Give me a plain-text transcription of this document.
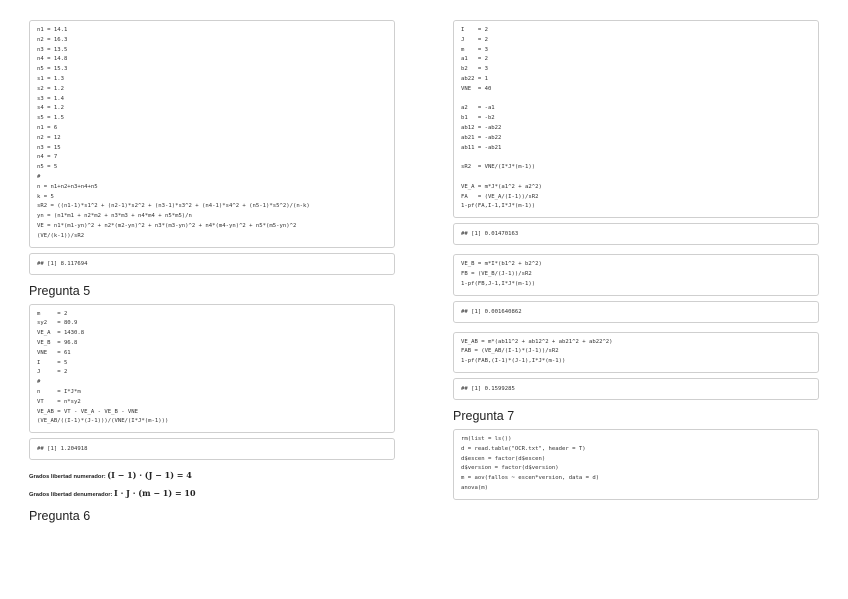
n1 = 14.1
n2 = 16.3
n3 = 13.5
n4 = 14.8
n5 = 15.3
s1 = 1.3
s2 = 1.2
s3 = 1.4
s4 = 1.2
s5 = 1.5
n1 = 6
n2 = 12
n3 = 15
n4 = 7
n5 = 5
#
n = n1+n2+n3+n4+n5
k = 5
sR2 = ((n1-1)*s1^2 + (n2-1)*s2^2 + (n3-1)*s3^2 + (n4-1)*s4^2 + (n5-1)*s5^2)/(n-k)
yn = (n1*m1 + n2*m2 + n3*m3 + n4*m4 + n5*m5)/n
VE = n1*(m1-yn)^2 + n2*(m2-yn)^2 + n3*(m3-yn)^2 + n4*(m4-yn)^2 + n5*(m5-yn)^2
(VE/(k-1))/sR2
## [1] 8.117694
Pregunta 5
m     = 2
sy2   = 80.9
VE_A  = 1430.8
VE_B  = 96.8
VNE   = 61
I     = 5
J     = 2
#
n     = I*J*m
VT    = n*sy2
VE_AB = VT - VE_A - VE_B - VNE
(VE_AB/((I-1)*(J-1)))/(VNE/(I*J*(m-1)))
## [1] 1.204918
Grados libertad numerador: (I − 1) · (J − 1) = 4
Grados libertad denumerador: I · J · (m − 1) = 10
Pregunta 6
I    = 2
J    = 2
m    = 3
a1   = 2
b2   = 3
ab22 = 1
VNE  = 40
a2   = -a1
b1   = -b2
ab12 = -ab22
ab21 = -ab22
ab11 = -ab21
sR2  = VNE/(I*J*(m-1))
VE_A = m*J*(a1^2 + a2^2)
FA   = (VE_A/(I-1))/sR2
1-pf(FA,I-1,I*J*(m-1))
## [1] 0.01470163
VE_B = m*I*(b1^2 + b2^2)
FB = (VE_B/(J-1))/sR2
1-pf(FB,J-1,I*J*(m-1))
## [1] 0.001640862
VE_AB = m*(ab11^2 + ab12^2 + ab21^2 + ab22^2)
FAB = (VE_AB/(I-1)*(J-1))/sR2
1-pf(FAB,(I-1)*(J-1),I*J*(m-1))
## [1] 0.1599285
Pregunta 7
rm(list = ls())
d = read.table("OCR.txt", header = T)
d$escen = factor(d$escen)
d$version = factor(d$version)
m = aov(fallos ~ escen*version, data = d)
anova(m)
